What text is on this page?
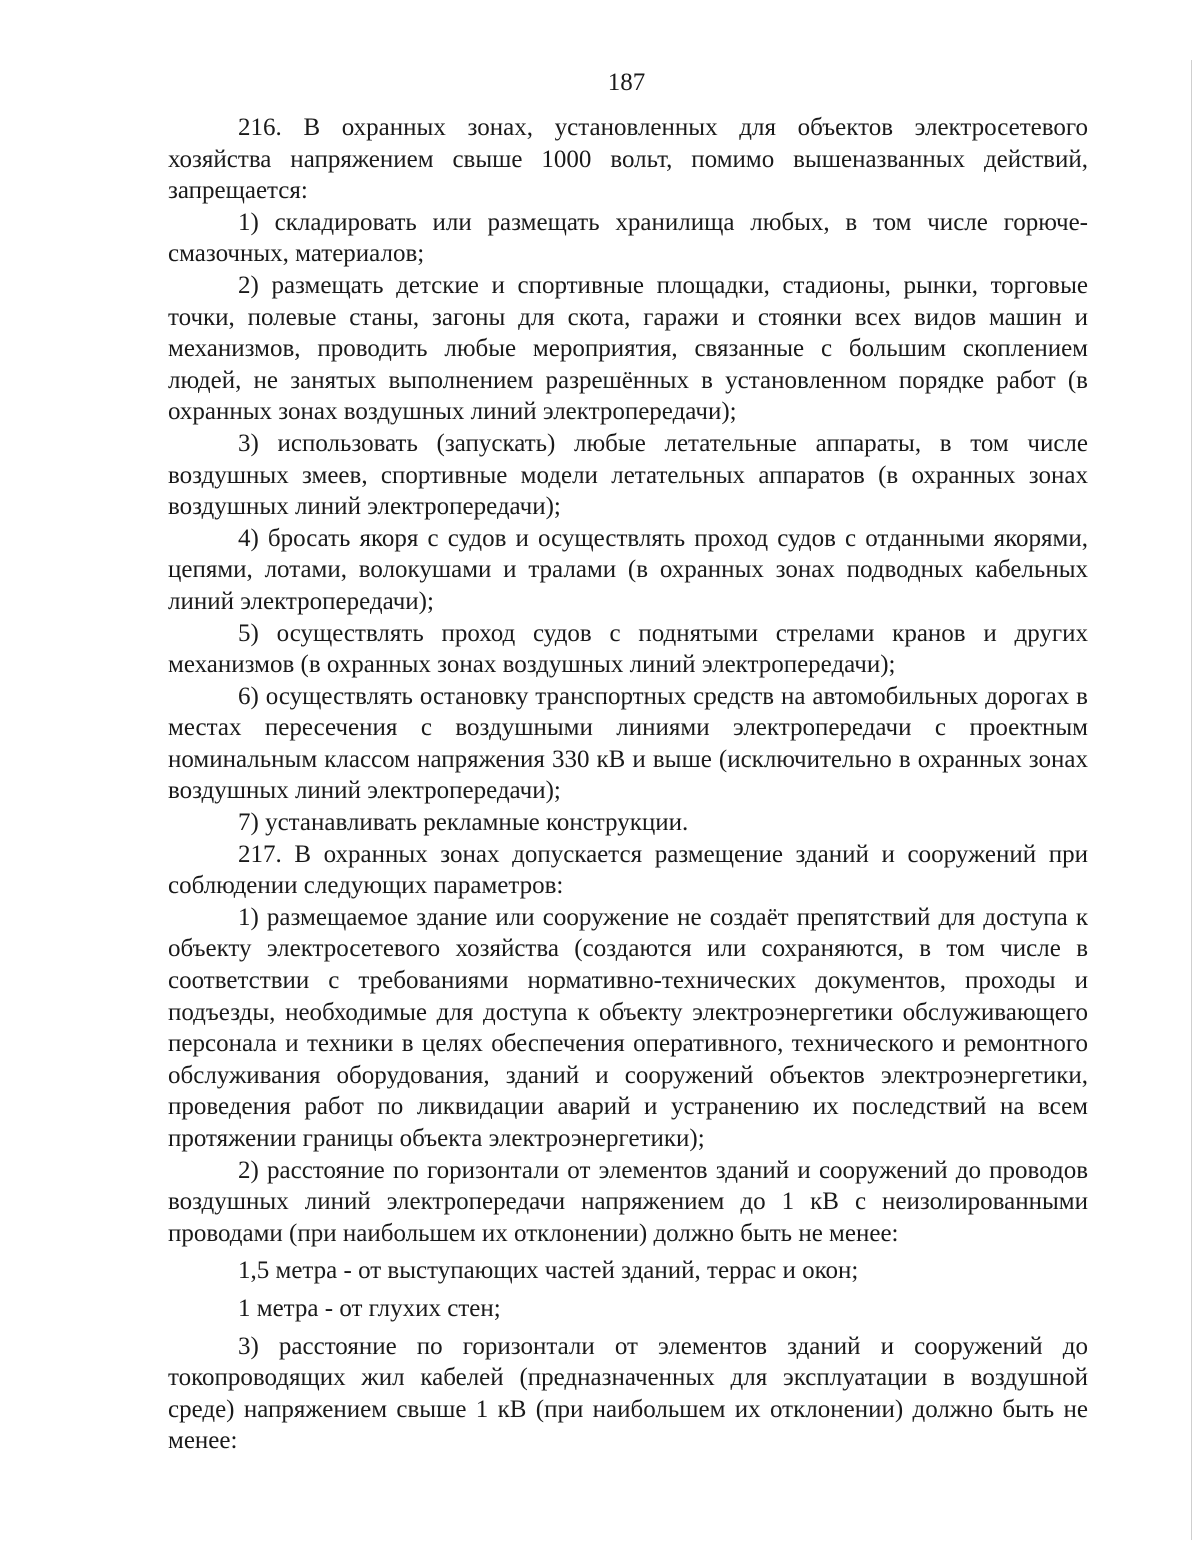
187

216. В охранных зонах, установленных для объектов электросетевого хозяйства напряжением свыше 1000 вольт, помимо вышеназванных действий, запрещается:

1) складировать или размещать хранилища любых, в том числе горюче-смазочных, материалов;

2) размещать детские и спортивные площадки, стадионы, рынки, торговые точки, полевые станы, загоны для скота, гаражи и стоянки всех видов машин и механизмов, проводить любые мероприятия, связанные с большим скоплением людей, не занятых выполнением разрешённых в установленном порядке работ (в охранных зонах воздушных линий электропередачи);

3) использовать (запускать) любые летательные аппараты, в том числе воздушных змеев, спортивные модели летательных аппаратов (в охранных зонах воздушных линий электропередачи);

4) бросать якоря с судов и осуществлять проход судов с отданными якорями, цепями, лотами, волокушами и тралами (в охранных зонах подводных кабельных линий электропередачи);

5) осуществлять проход судов с поднятыми стрелами кранов и других механизмов (в охранных зонах воздушных линий электропередачи);

6) осуществлять остановку транспортных средств на автомобильных дорогах в местах пересечения с воздушными линиями электропередачи с проектным номинальным классом напряжения 330 кВ и выше (исключительно в охранных зонах воздушных линий электропередачи);

7) устанавливать рекламные конструкции.

217. В охранных зонах допускается размещение зданий и сооружений при соблюдении следующих параметров:

1) размещаемое здание или сооружение не создаёт препятствий для доступа к объекту электросетевого хозяйства (создаются или сохраняются, в том числе в соответствии с требованиями нормативно-технических документов, проходы и подъезды, необходимые для доступа к объекту электроэнергетики обслуживающего персонала и техники в целях обеспечения оперативного, технического и ремонтного обслуживания оборудования, зданий и сооружений объектов электроэнергетики, проведения работ по ликвидации аварий и устранению их последствий на всем протяжении границы объекта электроэнергетики);

2) расстояние по горизонтали от элементов зданий и сооружений до проводов воздушных линий электропередачи напряжением до 1 кВ с неизолированными проводами (при наибольшем их отклонении) должно быть не менее:

1,5 метра - от выступающих частей зданий, террас и окон;

1 метра - от глухих стен;

3) расстояние по горизонтали от элементов зданий и сооружений до токопроводящих жил кабелей (предназначенных для эксплуатации в воздушной среде) напряжением свыше 1 кВ (при наибольшем их отклонении) должно быть не менее:
